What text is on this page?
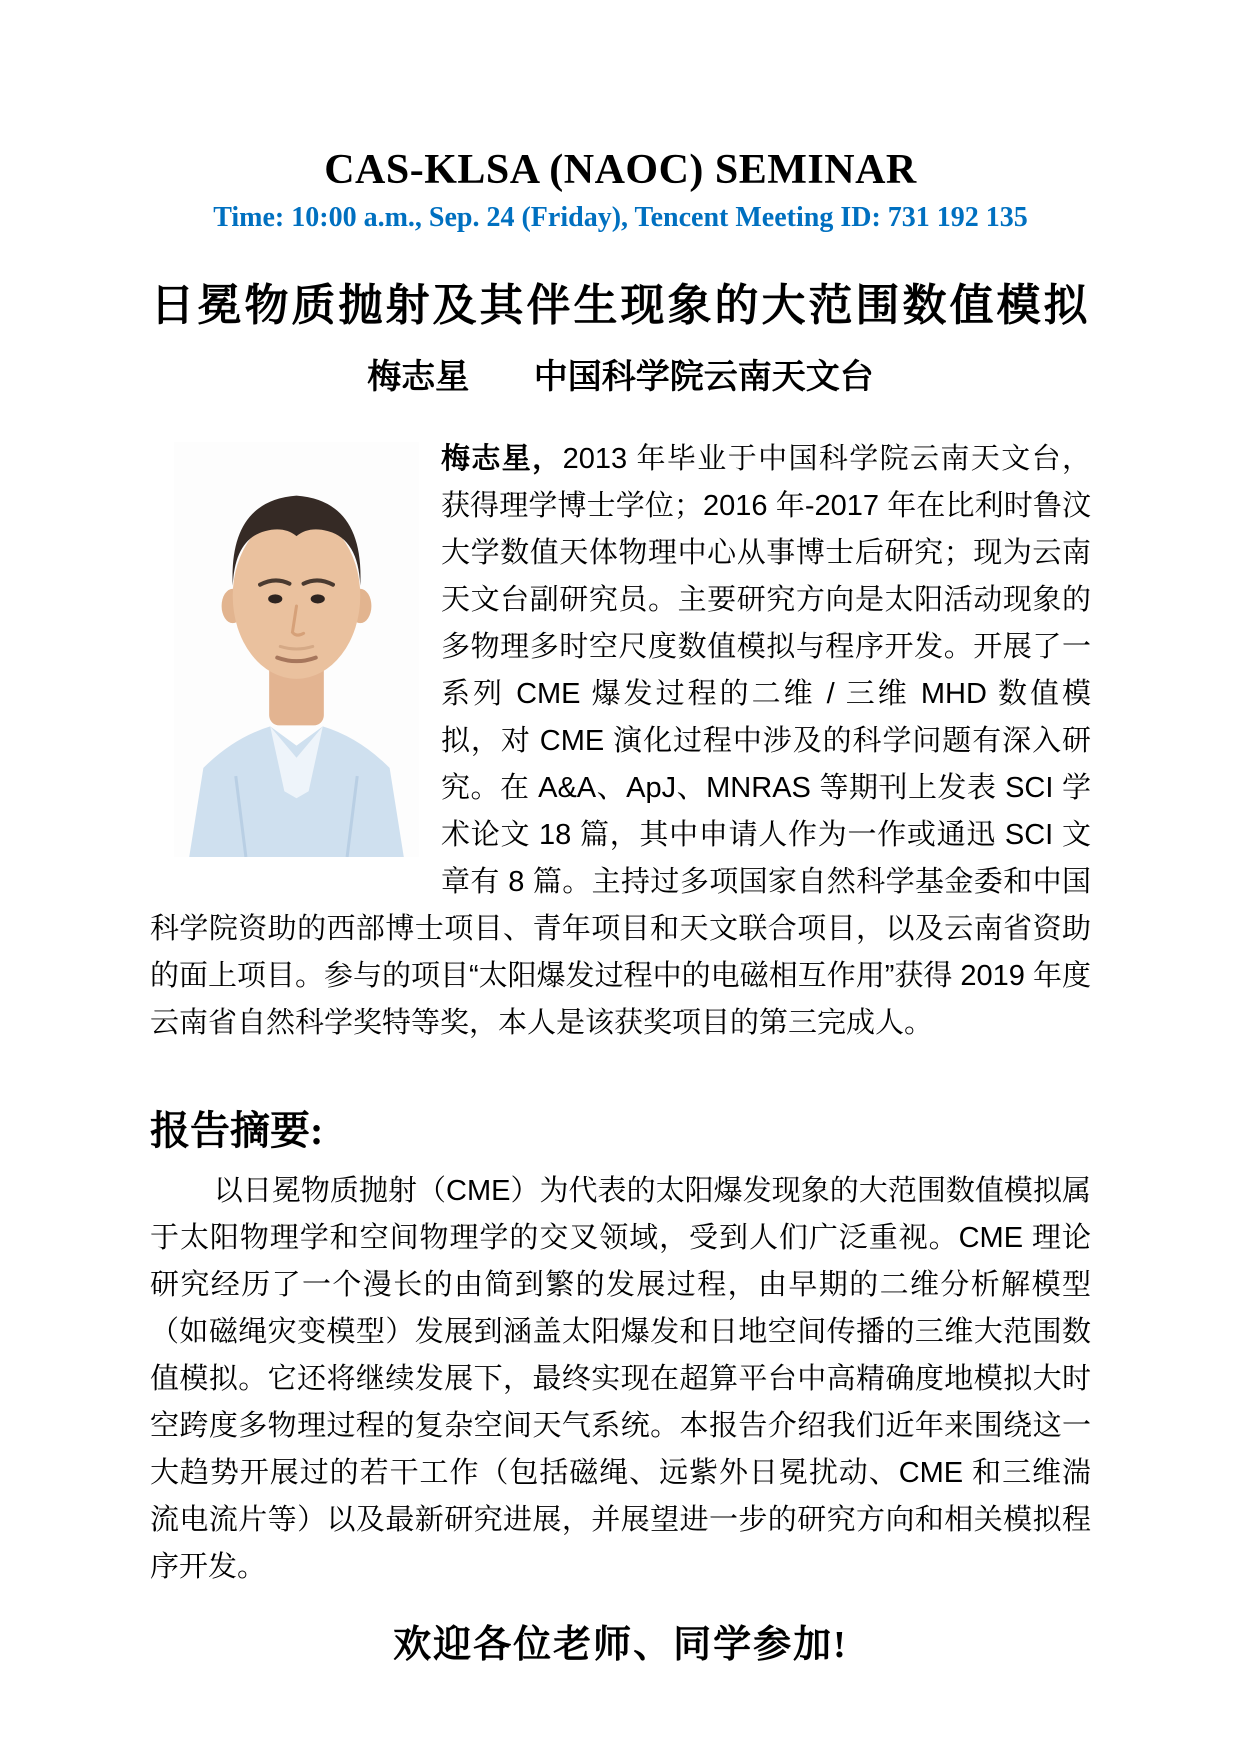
CAS-KLSA (NAOC) SEMINAR
Time: 10:00 a.m., Sep. 24 (Friday), Tencent Meeting ID: 731 192 135
日冕物质抛射及其伴生现象的大范围数值模拟
梅志星 中国科学院云南天文台
梅志星，2013 年毕业于中国科学院云南天文台，获得理学博士学位；2016 年-2017 年在比利时鲁汶大学数值天体物理中心从事博士后研究；现为云南天文台副研究员。主要研究方向是太阳活动现象的多物理多时空尺度数值模拟与程序开发。开展了一系列 CME 爆发过程的二维 / 三维 MHD 数值模拟，对 CME 演化过程中涉及的科学问题有深入研究。在 A&A、ApJ、MNRAS 等期刊上发表 SCI 学术论文 18 篇，其中申请人作为一作或通迅 SCI 文章有 8 篇。主持过多项国家自然科学基金委和中国科学院资助的西部博士项目、青年项目和天文联合项目，以及云南省资助的面上项目。参与的项目“太阳爆发过程中的电磁相互作用”获得 2019 年度云南省自然科学奖特等奖，本人是该获奖项目的第三完成人。
报告摘要:
以日冕物质抛射（CME）为代表的太阳爆发现象的大范围数值模拟属于太阳物理学和空间物理学的交叉领域，受到人们广泛重视。CME 理论研究经历了一个漫长的由简到繁的发展过程，由早期的二维分析解模型（如磁绳灾变模型）发展到涵盖太阳爆发和日地空间传播的三维大范围数值模拟。它还将继续发展下，最终实现在超算平台中高精确度地模拟大时空跨度多物理过程的复杂空间天气系统。本报告介绍我们近年来围绕这一大趋势开展过的若干工作（包括磁绳、远紫外日冕扰动、CME 和三维湍流电流片等）以及最新研究进展，并展望进一步的研究方向和相关模拟程序开发。
欢迎各位老师、同学参加!
